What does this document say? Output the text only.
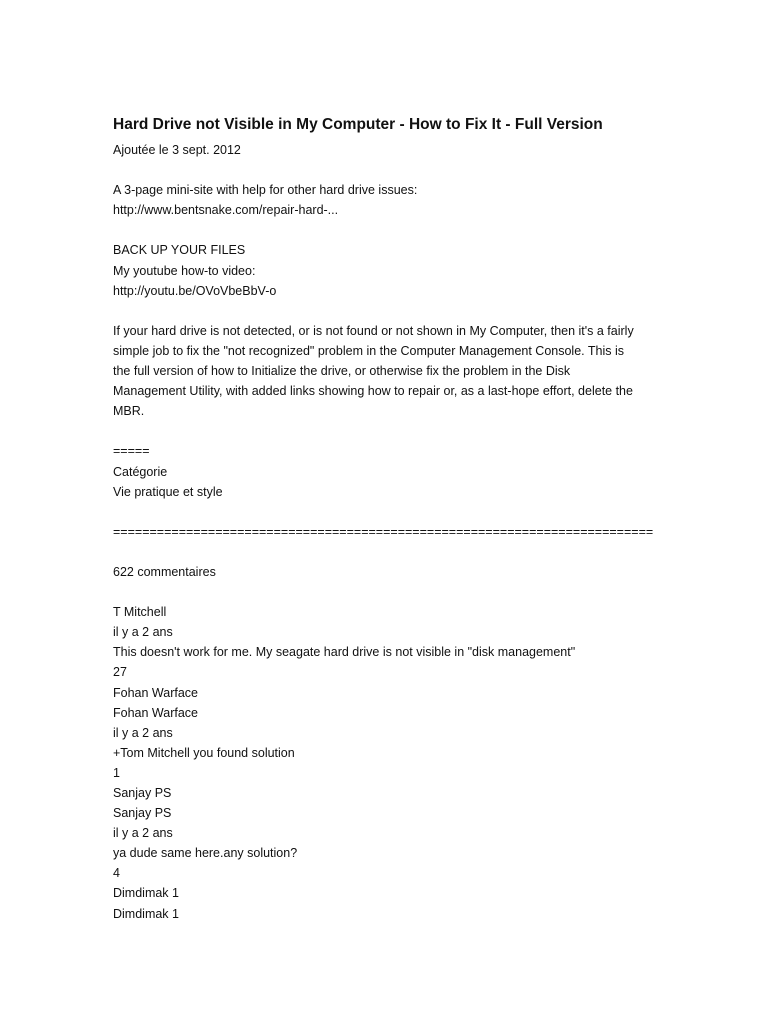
Hard Drive not Visible in My Computer - How to Fix It - Full Version
Ajoutée le 3 sept. 2012
A 3-page mini-site with help for other hard drive issues:
http://www.bentsnake.com/repair-hard-...
BACK UP YOUR FILES
My youtube how-to video:
http://youtu.be/OVoVbeBbV-o
If your hard drive is not detected, or is not found or not shown in My Computer, then it's a fairly simple job to fix the "not recognized" problem in the Computer Management Console. This is the full version of how to Initialize the drive, or otherwise fix the problem in the Disk Management Utility, with added links showing how to repair or, as a last-hope effort, delete the MBR.
=====
Catégorie
Vie pratique et style
==========================================================================
622 commentaires
T Mitchell
il y a 2 ans
This doesn't work for me. My seagate hard drive is not visible in "disk management"
27
Fohan Warface
Fohan Warface
il y a 2 ans
+Tom Mitchell you found solution
1
Sanjay PS
Sanjay PS
il y a 2 ans
ya dude same here.any solution?
4
Dimdimak 1
Dimdimak 1
